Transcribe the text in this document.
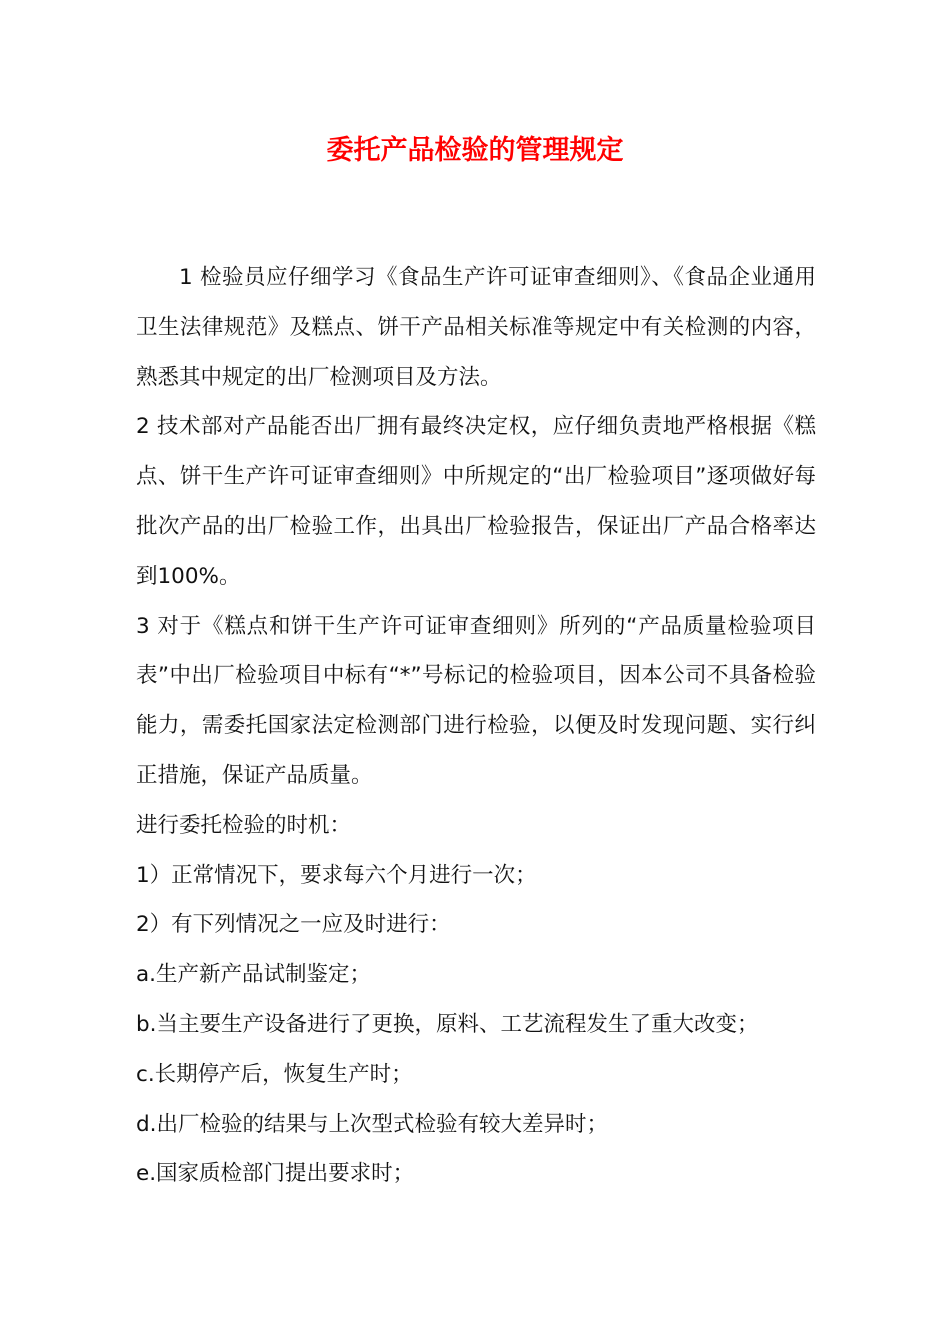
委托产品检验的管理规定

1 检验员应仔细学习《食品生产许可证审查细则》、《食品企业通用卫生法律规范》及糕点、饼干产品相关标准等规定中有关检测的内容，熟悉其中规定的出厂检测项目及方法。

2 技术部对产品能否出厂拥有最终决定权，应仔细负责地严格根据《糕点、饼干生产许可证审查细则》中所规定的“出厂检验项目”逐项做好每批次产品的出厂检验工作，出具出厂检验报告，保证出厂产品合格率达到100%。

3 对于《糕点和饼干生产许可证审查细则》所列的“产品质量检验项目表”中出厂检验项目中标有“*”号标记的检验项目，因本公司不具备检验能力，需委托国家法定检测部门进行检验，以便及时发现问题、实行纠正措施，保证产品质量。

进行委托检验的时机：

1）正常情况下，要求每六个月进行一次；

2）有下列情况之一应及时进行：

a.生产新产品试制鉴定；

b.当主要生产设备进行了更换，原料、工艺流程发生了重大改变；

c.长期停产后，恢复生产时；

d.出厂检验的结果与上次型式检验有较大差异时；

e.国家质检部门提出要求时；
